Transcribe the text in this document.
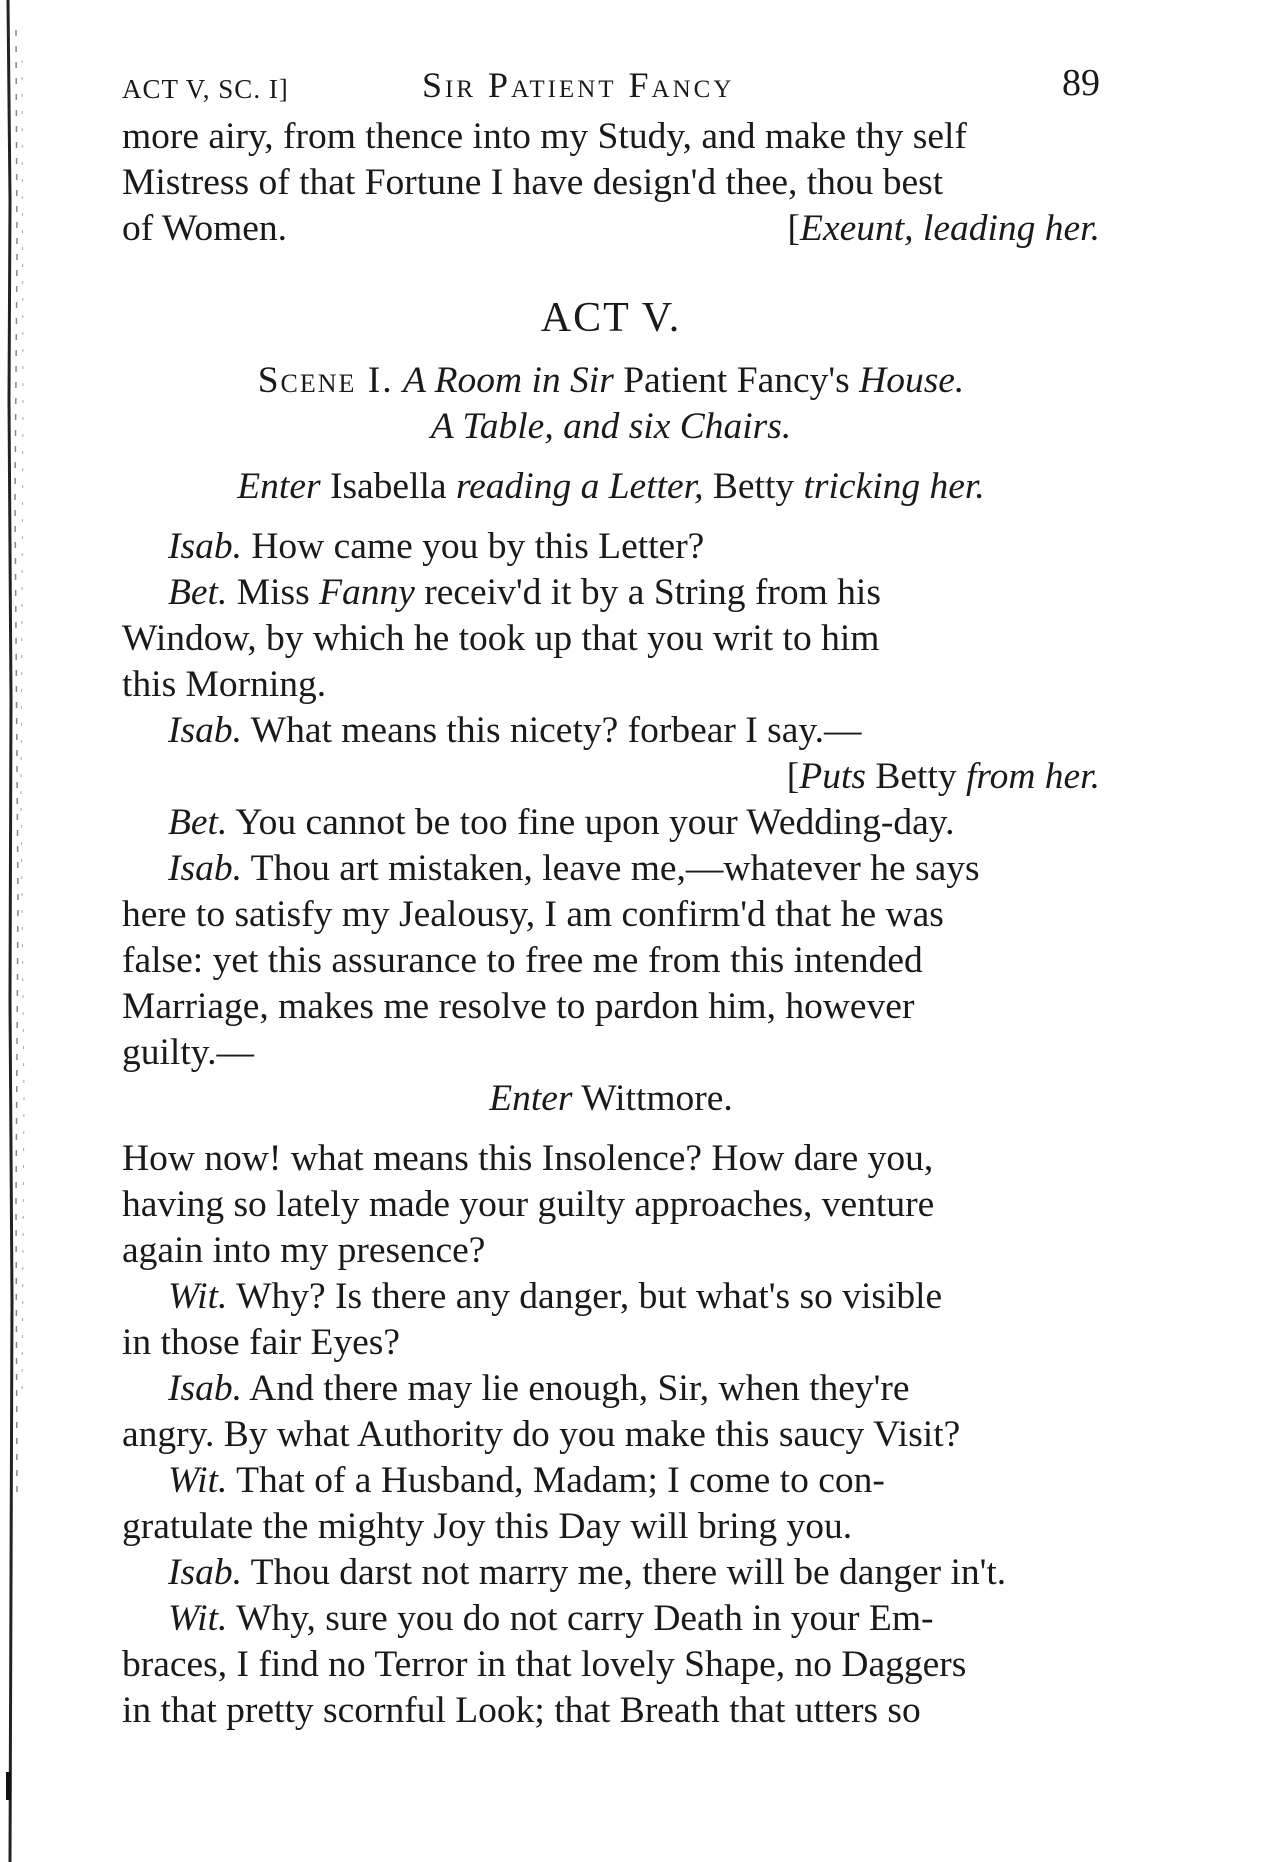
ACT V, SC. I]	Sir Patient Fancy	89

more airy, from thence into my Study, and make thy self

Mistress of that Fortune I have design'd thee, thou best

of Women.	[Exeunt, leading her.
ACT V.
Scene I. A Room in Sir Patient Fancy's House.
A Table, and six Chairs.
Enter Isabella reading a Letter, Betty tricking her.

Isab. How came you by this Letter?

Bet. Miss Fanny receiv'd it by a String from his

Window, by which he took up that you writ to him

this Morning.

Isab. What means this nicety? forbear I say.—

[Puts Betty from her.

Bet. You cannot be too fine upon your Wedding-day.

Isab. Thou art mistaken, leave me,—whatever he says

here to satisfy my Jealousy, I am confirm'd that he was

false: yet this assurance to free me from this intended

Marriage, makes me resolve to pardon him, however

guilty.—

Enter Wittmore.

How now! what means this Insolence? How dare you,

having so lately made your guilty approaches, venture

again into my presence?

Wit. Why? Is there any danger, but what's so visible

in those fair Eyes?

Isab. And there may lie enough, Sir, when they're

angry. By what Authority do you make this saucy Visit?

Wit. That of a Husband, Madam; I come to con-

gratulate the mighty Joy this Day will bring you.

Isab. Thou darst not marry me, there will be danger in't.

Wit. Why, sure you do not carry Death in your Em-

braces, I find no Terror in that lovely Shape, no Daggers

in that pretty scornful Look; that Breath that utters so
